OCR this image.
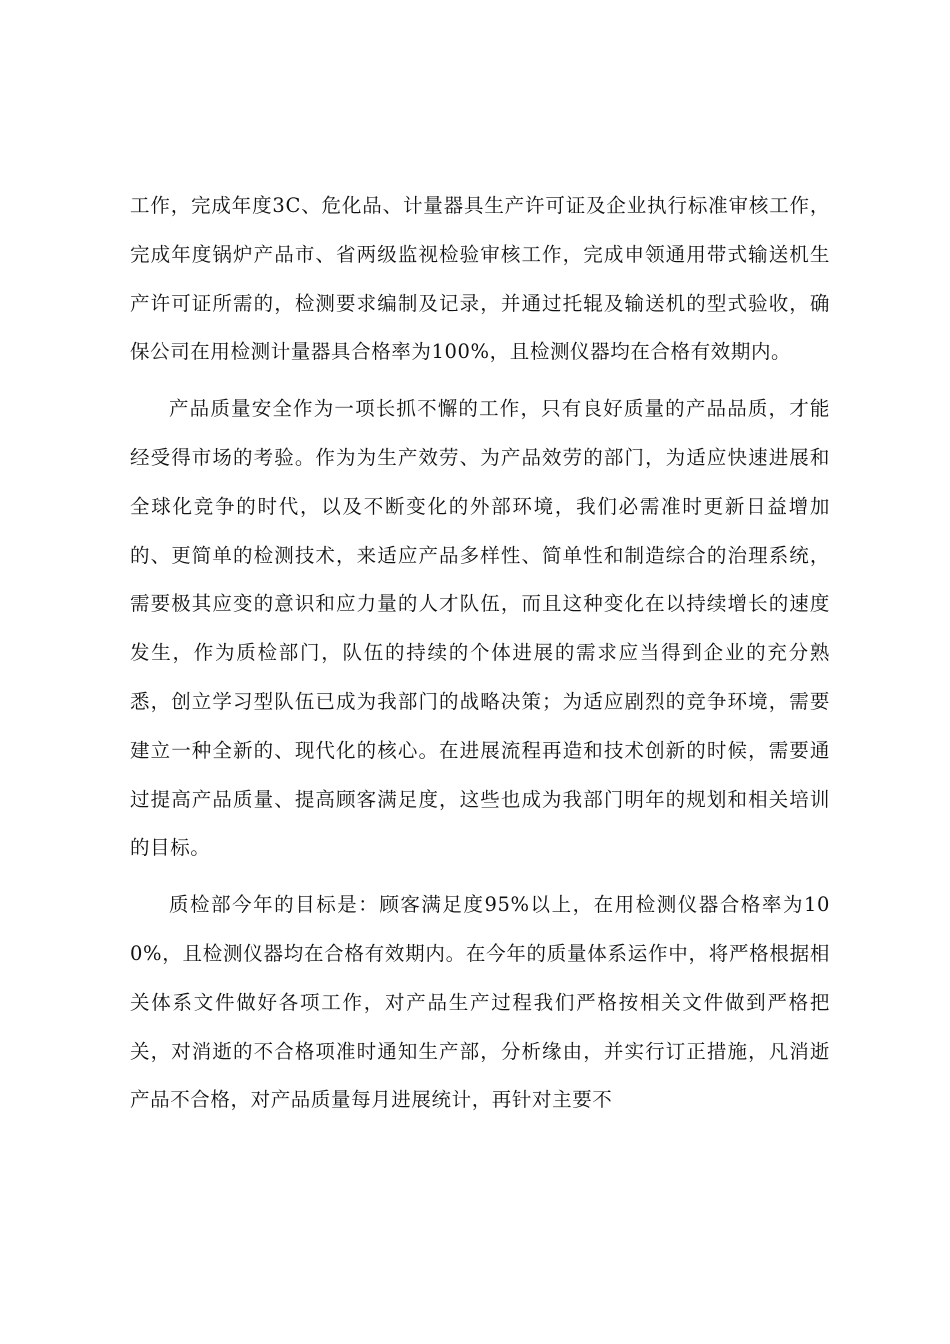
工作，完成年度3C、危化品、计量器具生产许可证及企业执行标准审核工作，完成年度锅炉产品市、省两级监视检验审核工作，完成申领通用带式输送机生产许可证所需的，检测要求编制及记录，并通过托辊及输送机的型式验收，确保公司在用检测计量器具合格率为100%，且检测仪器均在合格有效期内。

产品质量安全作为一项长抓不懈的工作，只有良好质量的产品品质，才能经受得市场的考验。作为为生产效劳、为产品效劳的部门，为适应快速进展和全球化竞争的时代，以及不断变化的外部环境，我们必需准时更新日益增加的、更简单的检测技术，来适应产品多样性、简单性和制造综合的治理系统，需要极其应变的意识和应力量的人才队伍，而且这种变化在以持续增长的速度发生，作为质检部门，队伍的持续的个体进展的需求应当得到企业的充分熟悉，创立学习型队伍已成为我部门的战略决策；为适应剧烈的竞争环境，需要建立一种全新的、现代化的核心。在进展流程再造和技术创新的时候，需要通过提高产品质量、提高顾客满足度，这些也成为我部门明年的规划和相关培训的目标。

质检部今年的目标是：顾客满足度95%以上，在用检测仪器合格率为100%，且检测仪器均在合格有效期内。在今年的质量体系运作中，将严格根据相关体系文件做好各项工作，对产品生产过程我们严格按相关文件做到严格把关，对消逝的不合格项准时通知生产部，分析缘由，并实行订正措施，凡消逝产品不合格，对产品质量每月进展统计，再针对主要不
